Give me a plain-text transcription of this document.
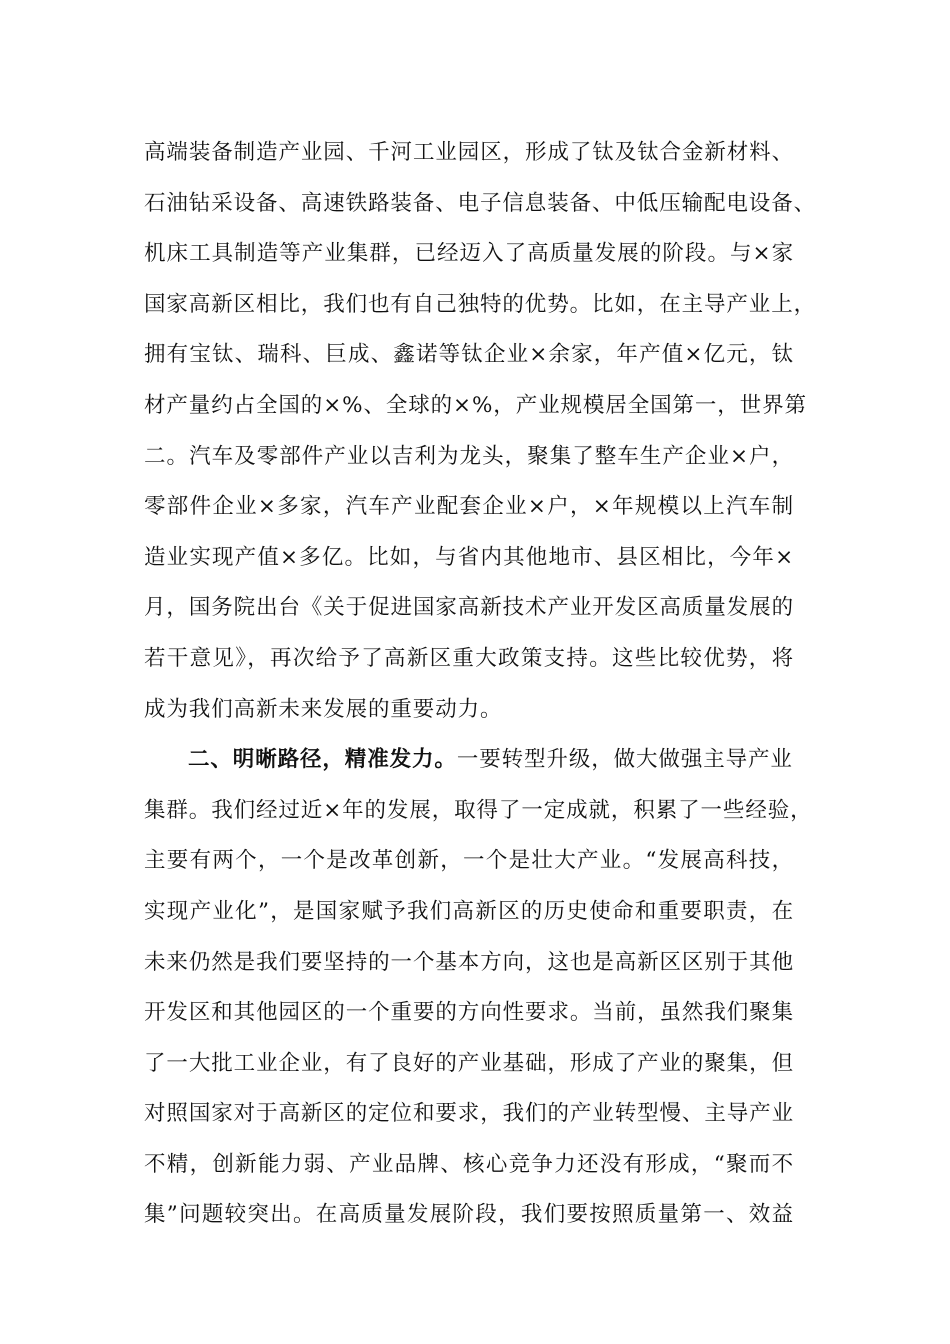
高端装备制造产业园、千河工业园区，形成了钛及钛合金新材料、
石油钻采设备、高速铁路装备、电子信息装备、中低压输配电设备、
机床工具制造等产业集群，已经迈入了高质量发展的阶段。与×家
国家高新区相比，我们也有自己独特的优势。比如，在主导产业上，
拥有宝钛、瑞科、巨成、鑫诺等钛企业×余家，年产值×亿元，钛
材产量约占全国的×%、全球的×%，产业规模居全国第一，世界第
二。汽车及零部件产业以吉利为龙头，聚集了整车生产企业×户，
零部件企业×多家，汽车产业配套企业×户，×年规模以上汽车制
造业实现产值×多亿。比如，与省内其他地市、县区相比，今年×
月，国务院出台《关于促进国家高新技术产业开发区高质量发展的
若干意见》，再次给予了高新区重大政策支持。这些比较优势，将
成为我们高新未来发展的重要动力。
二、明晰路径，精准发力。一要转型升级，做大做强主导产业
集群。我们经过近×年的发展，取得了一定成就，积累了一些经验，
主要有两个，一个是改革创新，一个是壮大产业。“发展高科技，
实现产业化”，是国家赋予我们高新区的历史使命和重要职责，在
未来仍然是我们要坚持的一个基本方向，这也是高新区区别于其他
开发区和其他园区的一个重要的方向性要求。当前，虽然我们聚集
了一大批工业企业，有了良好的产业基础，形成了产业的聚集，但
对照国家对于高新区的定位和要求，我们的产业转型慢、主导产业
不精，创新能力弱、产业品牌、核心竞争力还没有形成，“聚而不
集”问题较突出。在高质量发展阶段，我们要按照质量第一、效益
